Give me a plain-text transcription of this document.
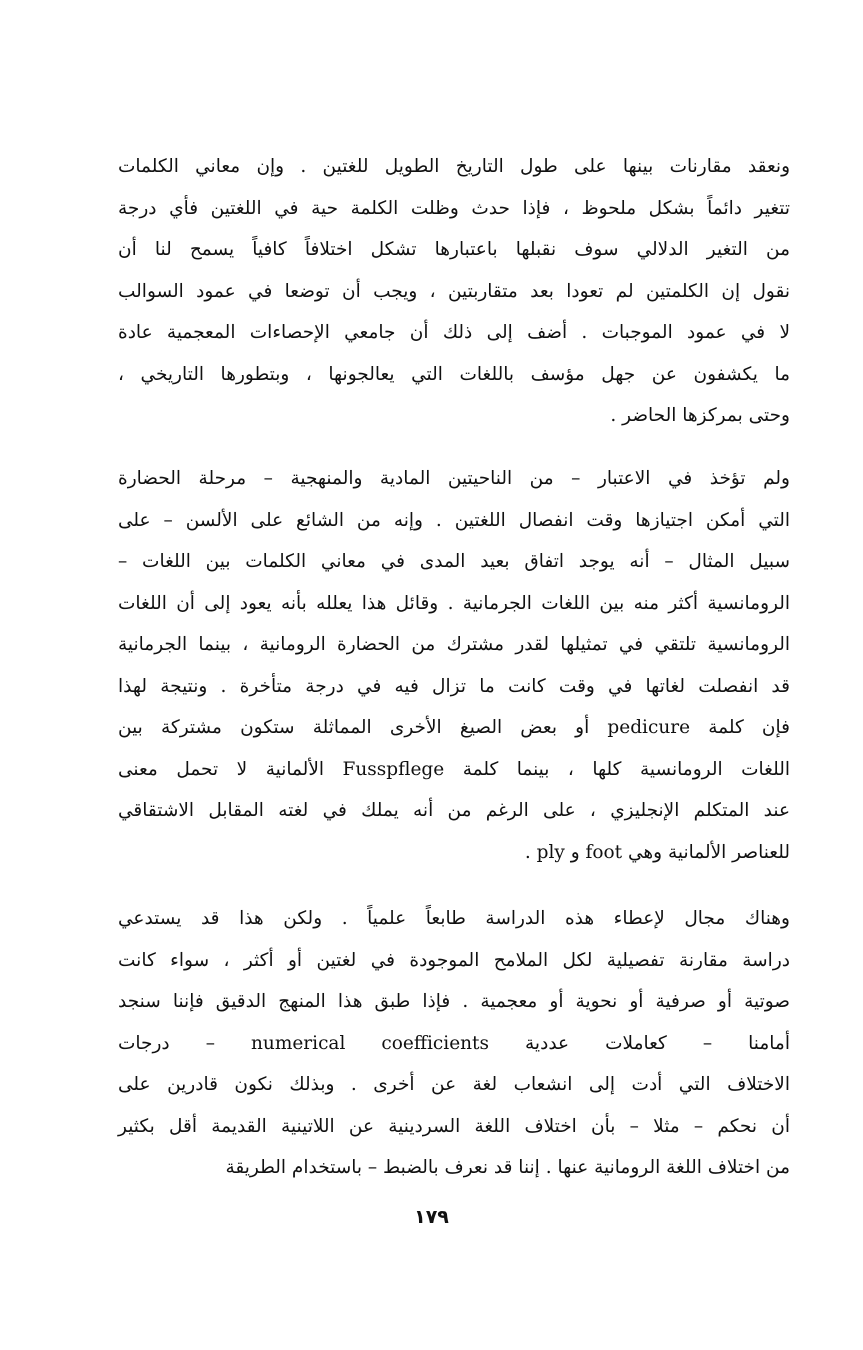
ونعقد مقارنات بينها على طول التاريخ الطويل للغتين . وإن معاني الكلمات
تتغير دائماً بشكل ملحوظ ، فإذا حدث وظلت الكلمة حية في اللغتين فأي درجة
من التغير الدلالي سوف نقبلها باعتبارها تشكل اختلافاً كافياً يسمح لنا أن
نقول إن الكلمتين لم تعودا بعد متقاربتين ، ويجب أن توضعا في عمود السوالب
لا في عمود الموجبات . أضف إلى ذلك أن جامعي الإحصاءات المعجمية عادة
ما يكشفون عن جهل مؤسف باللغات التي يعالجونها ، وبتطورها التاريخي ،
وحتى بمركزها الحاضر .
ولم تؤخذ في الاعتبار – من الناحيتين المادية والمنهجية – مرحلة الحضارة
التي أمكن اجتيازها وقت انفصال اللغتين . وإنه من الشائع على الألسن – على
سبيل المثال – أنه يوجد اتفاق بعيد المدى في معاني الكلمات بين اللغات –
الرومانسية أكثر منه بين اللغات الجرمانية . وقائل هذا يعلله بأنه يعود إلى أن اللغات
الرومانسية تلتقي في تمثيلها لقدر مشترك من الحضارة الرومانية ، بينما الجرمانية
قد انفصلت لغاتها في وقت كانت ما تزال فيه في درجة متأخرة . ونتيجة لهذا
فإن كلمة pedicure أو بعض الصيغ الأخرى المماثلة ستكون مشتركة بين
اللغات الرومانسية كلها ، بينما كلمة Fusspflege الألمانية لا تحمل معنى
عند المتكلم الإنجليزي ، على الرغم من أنه يملك في لغته المقابل الاشتقاقي
للعناصر الألمانية وهي foot و ply .
وهناك مجال لإعطاء هذه الدراسة طابعاً علمياً . ولكن هذا قد يستدعي
دراسة مقارنة تفصيلية لكل الملامح الموجودة في لغتين أو أكثر ، سواء كانت
صوتية أو صرفية أو نحوية أو معجمية . فإذا طبق هذا المنهج الدقيق فإننا سنجد
أمامنا – كعاملات عددية numerical coefficients – درجات
الاختلاف التي أدت إلى انشعاب لغة عن أخرى . وبذلك نكون قادرين على
أن نحكم – مثلا – بأن اختلاف اللغة السردينية عن اللاتينية القديمة أقل بكثير
من اختلاف اللغة الرومانية عنها . إننا قد نعرف بالضبط – باستخدام الطريقة
١٧٩
